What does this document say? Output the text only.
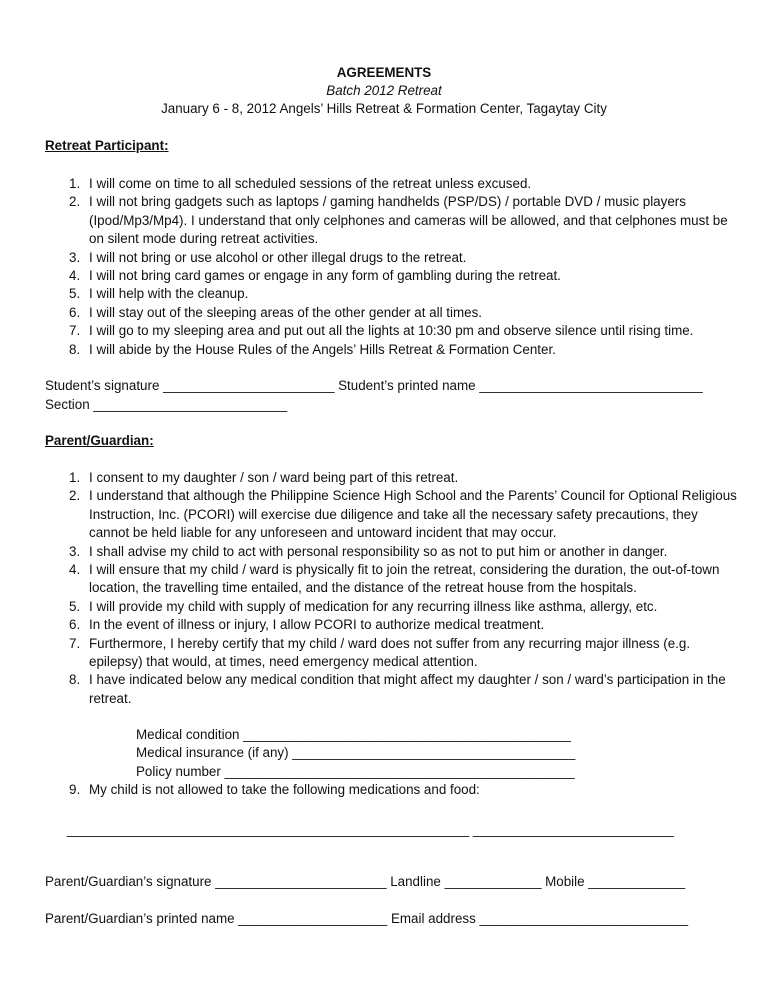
AGREEMENTS
Batch 2012 Retreat
January 6 - 8, 2012 Angels’ Hills Retreat & Formation Center, Tagaytay City
Retreat Participant:
1. I will come on time to all scheduled sessions of the retreat unless excused.
2. I will not bring gadgets such as laptops / gaming handhelds (PSP/DS) / portable DVD / music players (Ipod/Mp3/Mp4). I understand that only celphones and cameras will be allowed, and that celphones must be on silent mode during retreat activities.
3. I will not bring or use alcohol or other illegal drugs to the retreat.
4. I will not bring card games or engage in any form of gambling during the retreat.
5. I will help with the cleanup.
6. I will stay out of the sleeping areas of the other gender at all times.
7. I will go to my sleeping area and put out all the lights at 10:30 pm and observe silence until rising time.
8. I will abide by the House Rules of the Angels’ Hills Retreat & Formation Center.
Student’s signature _______________________ Student’s printed name ______________________________
Section __________________________
Parent/Guardian:
1. I consent to my daughter / son / ward being part of this retreat.
2. I understand that although the Philippine Science High School and the Parents’ Council for Optional Religious Instruction, Inc. (PCORI) will exercise due diligence and take all the necessary safety precautions, they cannot be held liable for any unforeseen and untoward incident that may occur.
3. I shall advise my child to act with personal responsibility so as not to put him or another in danger.
4. I will ensure that my child / ward is physically fit to join the retreat, considering the duration, the out-of-town location, the travelling time entailed, and the distance of the retreat house from the hospitals.
5. I will provide my child with supply of medication for any recurring illness like asthma, allergy, etc.
6. In the event of illness or injury, I allow PCORI to authorize medical treatment.
7. Furthermore, I hereby certify that my child / ward does not suffer from any recurring major illness (e.g. epilepsy) that would, at times, need emergency medical attention.
8. I have indicated below any medical condition that might affect my daughter / son / ward’s participation in the retreat.
Medical condition ____________________________________________
Medical insurance (if any) ______________________________________
Policy number _______________________________________________
9. My child is not allowed to take the following medications and food:
______________________________________________________ ___________________________
Parent/Guardian’s signature _______________________ Landline _____________ Mobile _____________
Parent/Guardian’s printed name ____________________ Email address ____________________________
